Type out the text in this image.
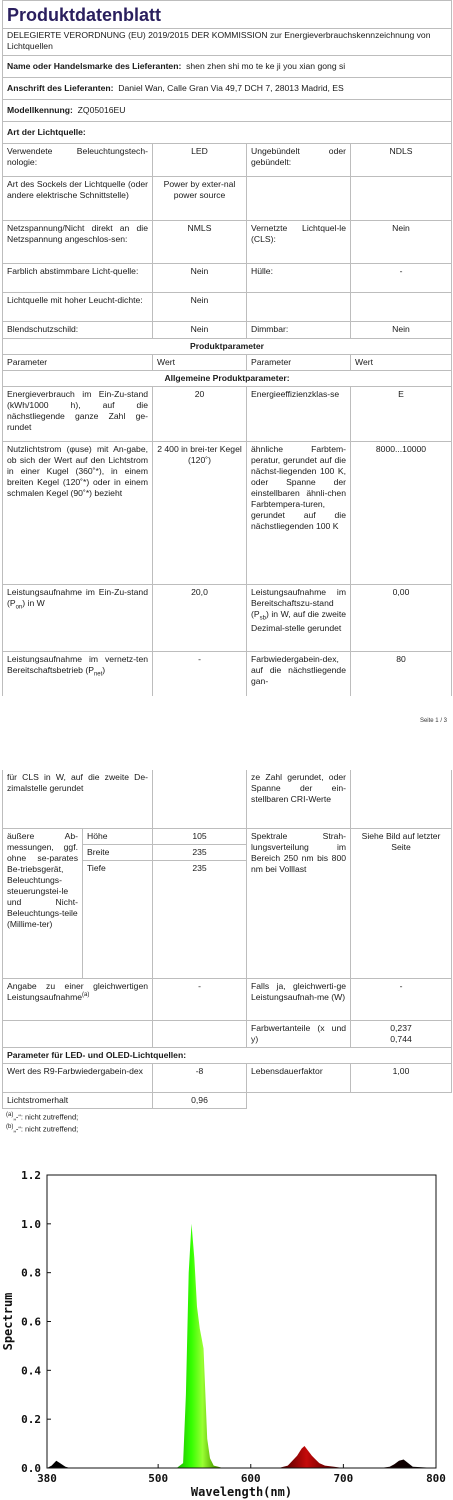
Produktdatenblatt			
DELEGIERTE VERORDNUNG (EU) 2019/2015 DER KOMMISSION zur Energieverbrauchskennzeichnung von Lichtquellen			
Name oder Handelsmarke des Lieferanten: shen zhen shi mo te ke ji you xian gong si			
Anschrift des Lieferanten: Daniel Wan, Calle Gran Via 49,7 DCH 7, 28013 Madrid, ES			
Modellkennung: ZQ05016EU			
Art der Lichtquelle:			
Verwendete Beleuchtungstech-nologie:	LED	Ungebündelt oder gebündelt:	NDLS
Art des Sockels der Lichtquelle (oder andere elektrische Schnittstelle)	Power by exter-nal power source		
Netzspannung/Nicht direkt an die Netzspannung angeschlos-sen:	NMLS	Vernetzte Lichtquel-le (CLS):	Nein
Farblich abstimmbare Licht-quelle:	Nein	Hülle:	-
Lichtquelle mit hoher Leucht-dichte:	Nein		
Blendschutzschild:	Nein	Dimmbar:	Nein
Produktparameter			
Parameter	Wert	Parameter	Wert
Allgemeine Produktparameter:			
Energieverbrauch im Ein-Zu-stand (kWh/1000 h), auf die nächstliegende ganze Zahl ge-rundet	20	Energieeffizienzklas-se	E
Nutzlichtstrom (φuse) mit An-gabe, ob sich der Wert auf den Lichtstrom in einer Kugel (360˚*), in einem breiten Kegel (120˚*) oder in einem schmalen Kegel (90˚*) bezieht	2 400 in brei-ter Kegel (120˚)	ähnliche Farbtem-peratur, gerundet auf die nächst-liegenden 100 K, oder Spanne der einstellbaren ähnli-chen Farbtempera-turen, gerundet auf die nächstliegenden 100 K	8000...10000
Leistungsaufnahme im Ein-Zu-stand $(P_{on})$ in W	20,0	Leistungsaufnahme im Bereitschaftszu-stand $(P_{sb})$ in W, auf die zweite Dezimal-stelle gerundet	0,00
Leistungsaufnahme im vernetz-ten Bereitschaftsbetrieb $(P_{net})$	-	Farbwiedergabein-dex, auf die nächstliegende gan-	80
Seite 1 / 3
für CLS in W, auf die zweite De-zimalstelle gerundet			ze Zahl gerundet, oder Spanne der ein-stellbaren CRI-Werte	
äußere Ab-messungen, ggf. ohne se-parates Be-triebsgerät, Beleuchtungs-steuerungstei-le und Nicht-Beleuchtungs-teile (Millime-ter)	Höhe	105	Spektrale Strah-lungsverteilung im Bereich 250 nm bis 800 nm bei Volllast	Siehe Bild auf letzter Seite
	Breite	235		
	Tiefe	235		
Angabe zu einer gleichwertigen Leistungsaufnahme$^{(a)}$		-	Falls ja, gleichwerti-ge Leistungsaufnah-me (W)	-
			Farbwertanteile (x und y)	0,237
0,744

Parameter für LED- und OLED-Lichtquellen:				
Wert des R9-Farbwiedergabein-dex		-8	Lebensdauerfaktor	1,00
Lichtstromerhalt		0,96		
$^{(a)}$„-“: nicht zutreffend;
$^{(b)}$„-“: nicht zutreffend;
0.0
0.2
0.4
0.6
0.8
1.0
1.2
380	500	600	700	800
Spectrum
Wavelength(nm)
